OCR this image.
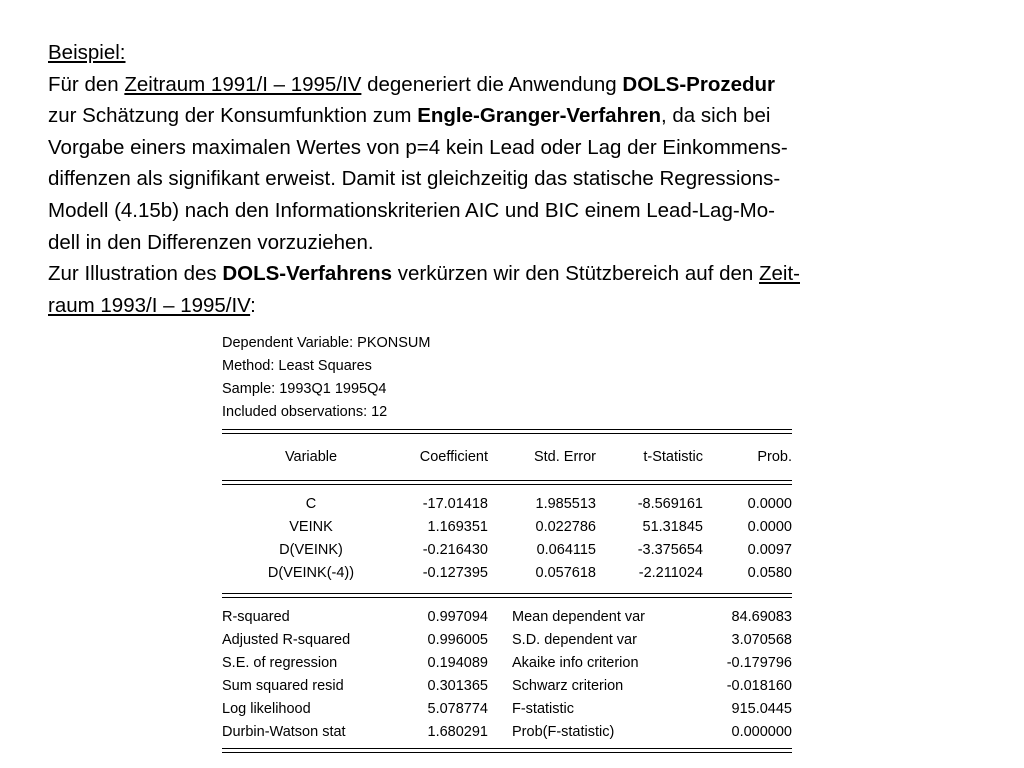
Beispiel:
Für den Zeitraum 1991/I – 1995/IV degeneriert die Anwendung DOLS-Prozedur
zur Schätzung der Konsumfunktion zum Engle-Granger-Verfahren, da sich bei
Vorgabe einers maximalen Wertes von p=4 kein Lead oder Lag der Einkommens-
diffenzen als signifikant erweist. Damit ist gleichzeitig das statische Regressions-
Modell (4.15b) nach den Informationskriterien AIC und BIC einem Lead-Lag-Mo-
dell in den Differenzen vorzuziehen.
Zur Illustration des DOLS-Verfahrens verkürzen wir den Stützbereich auf den Zeit-
raum 1993/I – 1995/IV:
Dependent Variable: PKONSUM
Method: Least Squares
Sample: 1993Q1 1995Q4
Included observations: 12
Variable	Coefficient	Std. Error	t-Statistic	Prob.

C	-17.01418	1.985513	-8.569161	0.0000
VEINK	1.169351	0.022786	51.31845	0.0000
D(VEINK)	-0.216430	0.064115	-3.375654	0.0097
D(VEINK(-4))	-0.127395	0.057618	-2.211024	0.0580

R-squared	0.997094	Mean dependent var	84.69083
Adjusted R-squared	0.996005	S.D. dependent var	3.070568
S.E. of regression	0.194089	Akaike info criterion	-0.179796
Sum squared resid	0.301365	Schwarz criterion	-0.018160
Log likelihood	5.078774	F-statistic	915.0445
Durbin-Watson stat	1.680291	Prob(F-statistic)	0.000000
